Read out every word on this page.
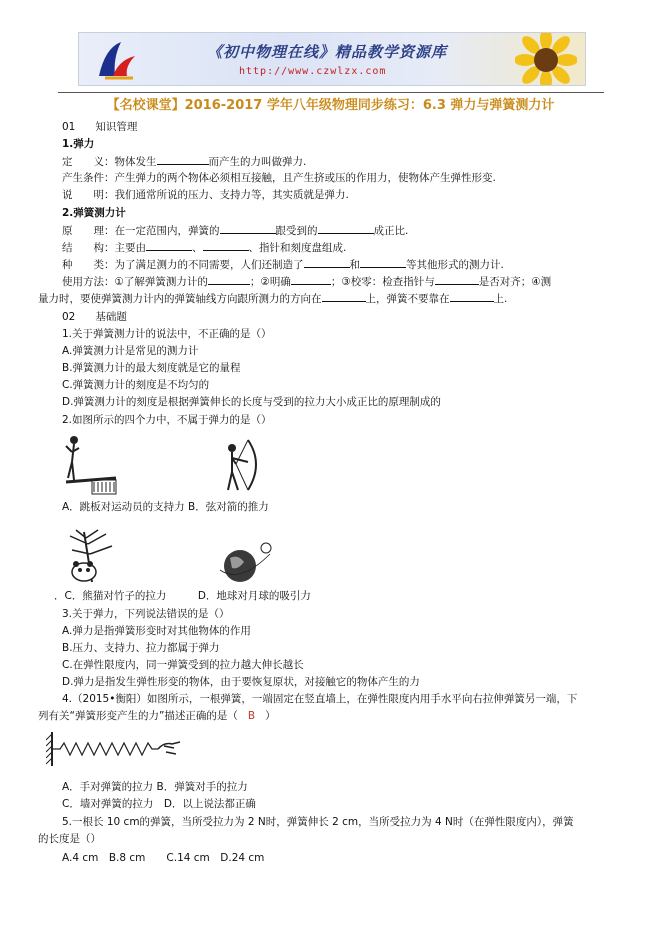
《初中物理在线》精品教学资源库
http://www.czwlzx.com
【名校课堂】2016-2017 学年八年级物理同步练习：6.3 弹力与弹簧测力计
01 知识管理
1.弹力
定　　义：物体发生	而产生的力叫做弹力.
产生条件：产生弹力的两个物体必须相互接触，且产生挤或压的作用力，使物体产生弹性形变.
说　　明：我们通常所说的压力、支持力等，其实质就是弹力.
2.弹簧测力计
原　　理：在一定范围内，弹簧的	跟受到的	成正比.
结　　构：主要由	、	、指针和刻度盘组成.
种　　类：为了满足测力的不同需要，人们还制造了	和	等其他形式的测力计.
使用方法：①了解弹簧测力计的	；②明确	；③校零：检查指针与	是否对齐；④测
量力时，要使弹簧测力计内的弹簧轴线方向跟所测力的方向在	上，弹簧不要靠在	上.
02 基础题
1.关于弹簧测力计的说法中，不正确的是（）
A.弹簧测力计是常见的测力计
B.弹簧测力计的最大刻度就是它的量程
C.弹簧测力计的刻度是不均匀的
D.弹簧测力计的刻度是根据弹簧伸长的长度与受到的拉力大小成正比的原理制成的
2.如图所示的四个力中，不属于弹力的是（）
A．跳板对运动员的支持力 B．弦对箭的推力
．C．熊猫对竹子的拉力　　　D．地球对月球的吸引力
3.关于弹力，下列说法错误的是（）
A.弹力是指弹簧形变时对其他物体的作用
B.压力、支持力、拉力都属于弹力
C.在弹性限度内，同一弹簧受到的拉力越大伸长越长
D.弹力是指发生弹性形变的物体，由于要恢复原状，对接触它的物体产生的力
4.（2015•衡阳）如图所示，一根弹簧，一端固定在竖直墙上，在弹性限度内用手水平向右拉伸弹簧另一端，下
列有关“弹簧形变产生的力”描述正确的是（ B ）
A．手对弹簧的拉力 B．弹簧对手的拉力
C．墙对弹簧的拉力　D．以上说法都正确
5.一根长 10 cm的弹簧，当所受拉力为 2 N时，弹簧伸长 2 cm，当所受拉力为 4 N时（在弹性限度内），弹簧
的长度是（）
A.4 cm　B.8 cm　　C.14 cm　D.24 cm
